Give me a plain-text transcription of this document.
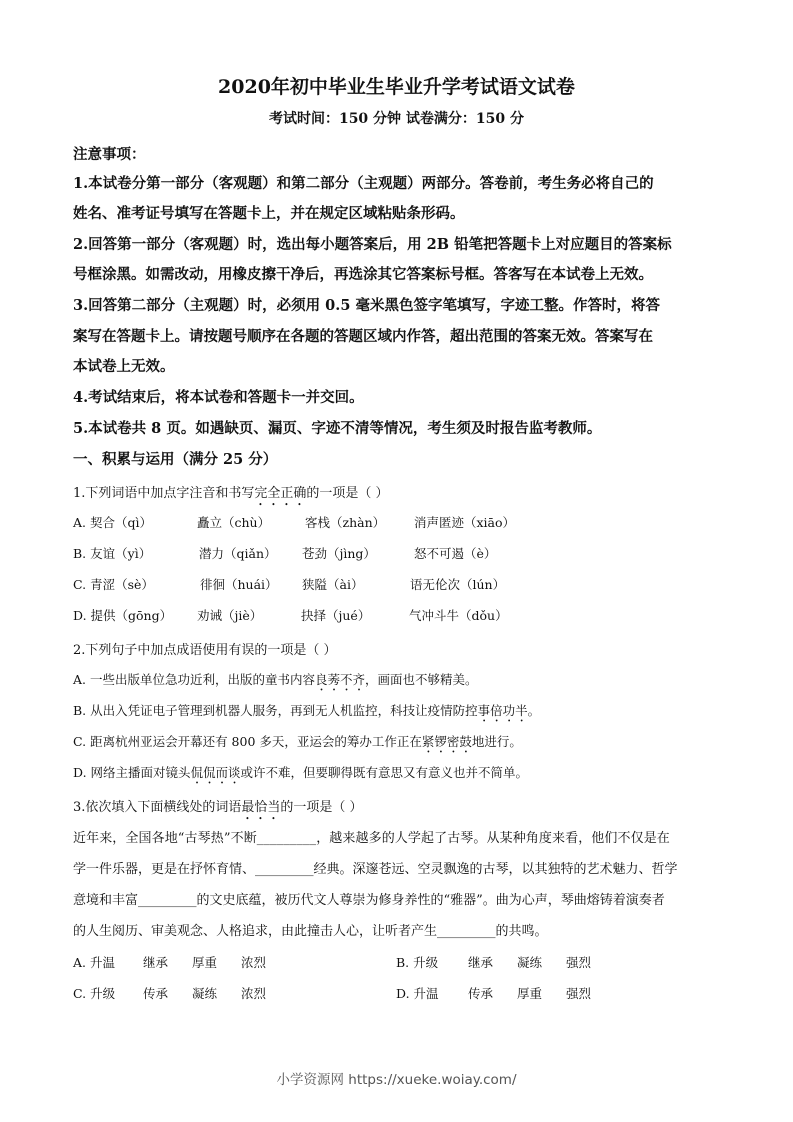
2020年初中毕业生毕业升学考试语文试卷
考试时间：150 分钟 试卷满分：150 分
注意事项：
1.本试卷分第一部分（客观题）和第二部分（主观题）两部分。答卷前，考生务必将自己的
姓名、准考证号填写在答题卡上，并在规定区域粘贴条形码。
2.回答第一部分（客观题）时，选出每小题答案后，用 2B 铅笔把答题卡上对应题目的答案标
号框涂黑。如需改动，用橡皮擦干净后，再选涂其它答案标号框。答客写在本试卷上无效。
3.回答第二部分（主观题）时，必须用 0.5 毫米黑色签字笔填写，字迹工整。作答时，将答
案写在答题卡上。请按题号顺序在各题的答题区域内作答，超出范围的答案无效。答案写在
本试卷上无效。
4.考试结束后，将本试卷和答题卡一并交回。
5.本试卷共 8 页。如遇缺页、漏页、字迹不清等情况，考生须及时报告监考教师。
一、积累与运用（满分 25 分）
1.下列词语中加点字注音和书写完全正确的一项是（ ）
A. 契合（qì）	矗立（chù）	客栈（zhàn） 消声匿迹（xiāo）
B. 友谊（yì）	潜力（qiǎn） 苍劲（jìng）	怒不可遏（è）
C. 青涩（sè）	徘徊（huái） 狭隘（ài）	语无伦次（lún）
D. 提供（gōng） 劝诫（jiè）	抉择（jué）	气冲斗牛（dǒu）
2.下列句子中加点成语使用有误的一项是（ ）
A. 一些出版单位急功近利，出版的童书内容良莠不齐，画面也不够精美。
B. 从出入凭证电子管理到机器人服务，再到无人机监控，科技让疫情防控事倍功半。
C. 距离杭州亚运会开幕还有 800 多天，亚运会的筹办工作正在紧锣密鼓地进行。
D. 网络主播面对镜头侃侃而谈或许不难，但要聊得既有意思又有意义也并不简单。
3.依次填入下面横线处的词语最恰当的一项是（ ）
近年来，全国各地“古琴热”不断_________，越来越多的人学起了古琴。从某种角度来看，他们不仅是在
学一件乐器，更是在抒怀育情、_________经典。深邃苍远、空灵飘逸的古琴，以其独特的艺术魅力、哲学
意境和丰富_________的文史底蕴，被历代文人尊崇为修身养性的“雅器”。曲为心声，琴曲熔铸着演奏者
的人生阅历、审美观念、人格追求，由此撞击人心，让听者产生_________的共鸣。
A. 升温 继承 厚重 浓烈	B. 升级 继承 凝练 强烈
C. 升级 传承 凝练 浓烈	D. 升温 传承 厚重 强烈
小学资源网 https://xueke.woiay.com/
